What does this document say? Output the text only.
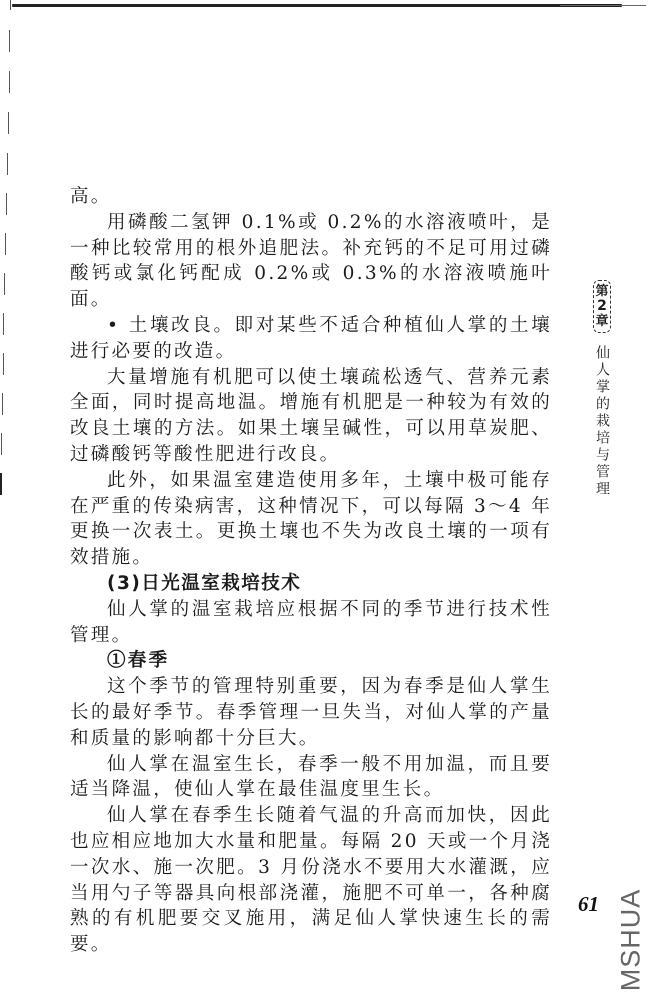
高。

用磷酸二氢钾 0.1%或 0.2%的水溶液喷叶，是一种比较常用的根外追肥法。补充钙的不足可用过磷酸钙或氯化钙配成 0.2%或 0.3%的水溶液喷施叶面。

• 土壤改良。即对某些不适合种植仙人掌的土壤进行必要的改造。

大量增施有机肥可以使土壤疏松透气、营养元素全面，同时提高地温。增施有机肥是一种较为有效的改良土壤的方法。如果土壤呈碱性，可以用草炭肥、过磷酸钙等酸性肥进行改良。

此外，如果温室建造使用多年，土壤中极可能存在严重的传染病害，这种情况下，可以每隔 3～4 年更换一次表土。更换土壤也不失为改良土壤的一项有效措施。

(3)日光温室栽培技术

仙人掌的温室栽培应根据不同的季节进行技术性管理。

①春季

这个季节的管理特别重要，因为春季是仙人掌生长的最好季节。春季管理一旦失当，对仙人掌的产量和质量的影响都十分巨大。

仙人掌在温室生长，春季一般不用加温，而且要适当降温，使仙人掌在最佳温度里生长。

仙人掌在春季生长随着气温的升高而加快，因此也应相应地加大水量和肥量。每隔 20 天或一个月浇一次水、施一次肥。3 月份浇水不要用大水灌溉，应当用勺子等器具向根部浇灌，施肥不可单一，各种腐熟的有机肥要交叉施用，满足仙人掌快速生长的需要。

第
2
章
仙人掌的栽培与管理
61 MSHUA
